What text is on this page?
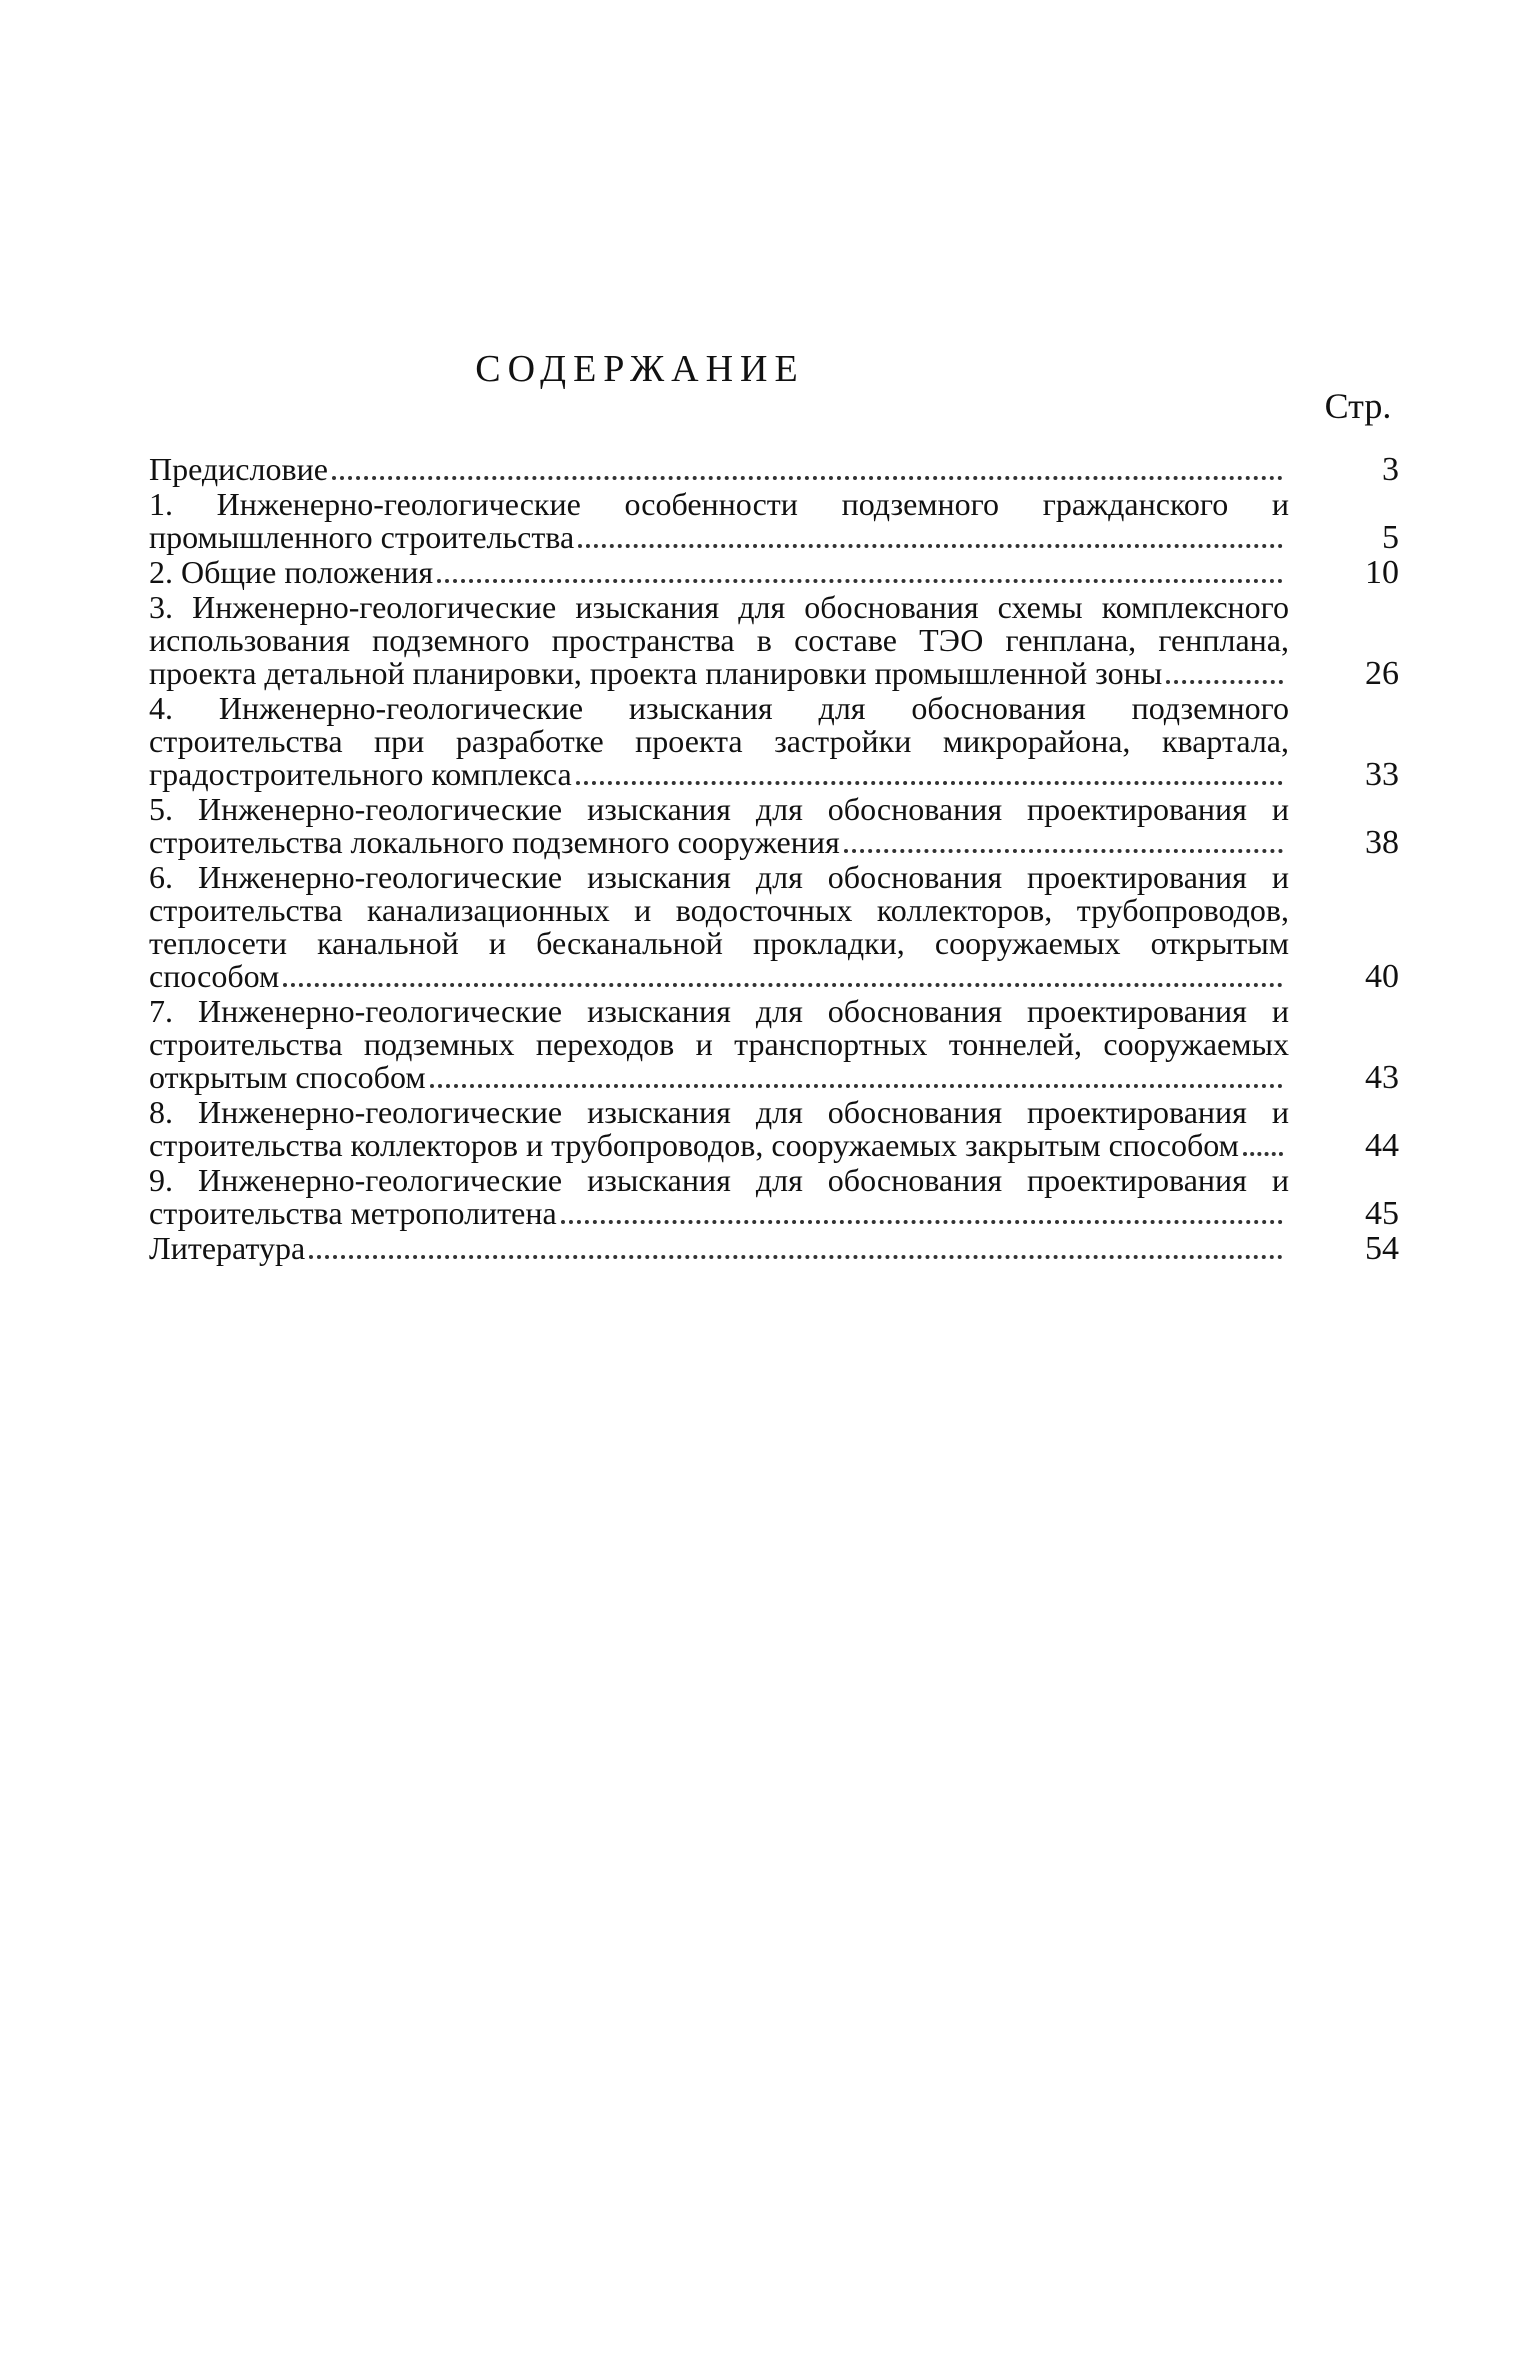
СОДЕРЖАНИЕ
Стр.
Предисловие	3
1. Инженерно-геологические особенности подземного гражданского и промышленного строительства	5
2. Общие положения	10
3. Инженерно-геологические изыскания для обоснования схемы комплексного использования подземного пространства в составе ТЭО генплана, генплана, проекта детальной планировки, проекта планировки промышленной зоны	26
4. Инженерно-геологические изыскания для обоснования подземного строительства при разработке проекта застройки микрорайона, квартала, градостроительного комплекса	33
5. Инженерно-геологические изыскания для обоснования проектирования и строительства локального подземного сооружения	38
6. Инженерно-геологические изыскания для обоснования проектирования и строительства канализационных и водосточных коллекторов, трубопроводов, теплосети канальной и бесканальной прокладки, сооружаемых открытым способом	40
7. Инженерно-геологические изыскания для обоснования проектирования и строительства подземных переходов и транспортных тоннелей, сооружаемых открытым способом	43
8. Инженерно-геологические изыскания для обоснования проектирования и строительства коллекторов и трубопроводов, сооружаемых закрытым способом	44
9. Инженерно-геологические изыскания для обоснования проектирования и строительства метрополитена	45
Литература	54
